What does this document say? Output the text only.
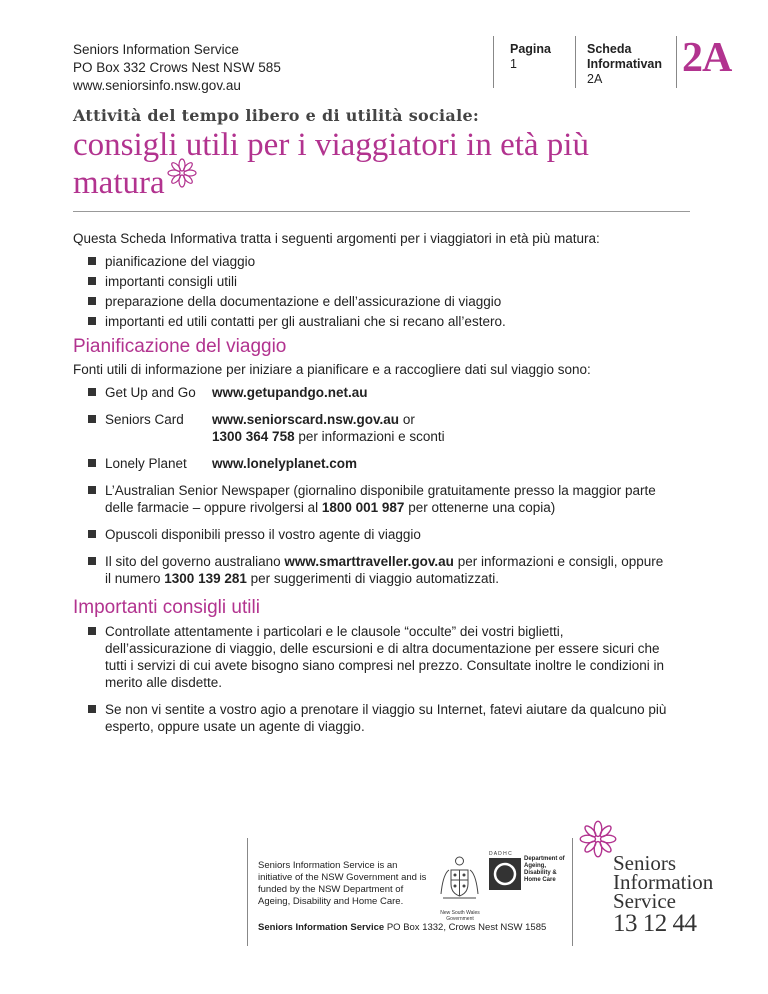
Seniors Information Service
PO Box 332 Crows Nest NSW 585
www.seniorsinfo.nsw.gov.au
Pagina
1
Scheda
Informativan
2A	2A
Attività del tempo libero e di utilità sociale:
consigli utili per i viaggiatori in età più matura

Questa Scheda Informativa tratta i seguenti argomenti per i viaggiatori in età più matura:

pianificazione del viaggio
importanti consigli utili
preparazione della documentazione e dell’assicurazione di viaggio
importanti ed utili contatti per gli australiani che si recano all’estero.
Pianificazione del viaggio

Fonti utili di informazione per iniziare a pianificare e a raccogliere dati sul viaggio sono:

Get Up and Go	www.getupandgo.net.au
Seniors Card	www.seniorscard.nsw.gov.au or
1300 364 758 per informazioni e sconti
Lonely Planet	www.lonelyplanet.com
L’Australian Senior Newspaper (giornalino disponibile gratuitamente presso la maggior parte delle farmacie – oppure rivolgersi al 1800 001 987 per ottenerne una copia)
Opuscoli disponibili presso il vostro agente di viaggio
Il sito del governo australiano www.smarttraveller.gov.au per informazioni e consigli, oppure il numero 1300 139 281 per suggerimenti di viaggio automatizzati.
Importanti consigli utili
Controllate attentamente i particolari e le clausole “occulte” dei vostri biglietti, dell’assicurazione di viaggio, delle escursioni e di altra documentazione per essere sicuri che tutti i servizi di cui avete bisogno siano compresi nel prezzo. Consultate inoltre le condizioni in merito alle disdette.
Se non vi sentite a vostro agio a prenotare il viaggio su Internet, fatevi aiutare da qualcuno più esperto, oppure usate un agente di viaggio.
Seniors Information Service is an initiative of the NSW Government and is funded by the NSW Department of Ageing, Disability and Home Care.
Seniors Information Service PO Box 1332, Crows Nest NSW 1585
New South Wales Government
D A D H C
Department of Ageing, Disability & Home Care
Seniors
Information
Service
13 12 44
